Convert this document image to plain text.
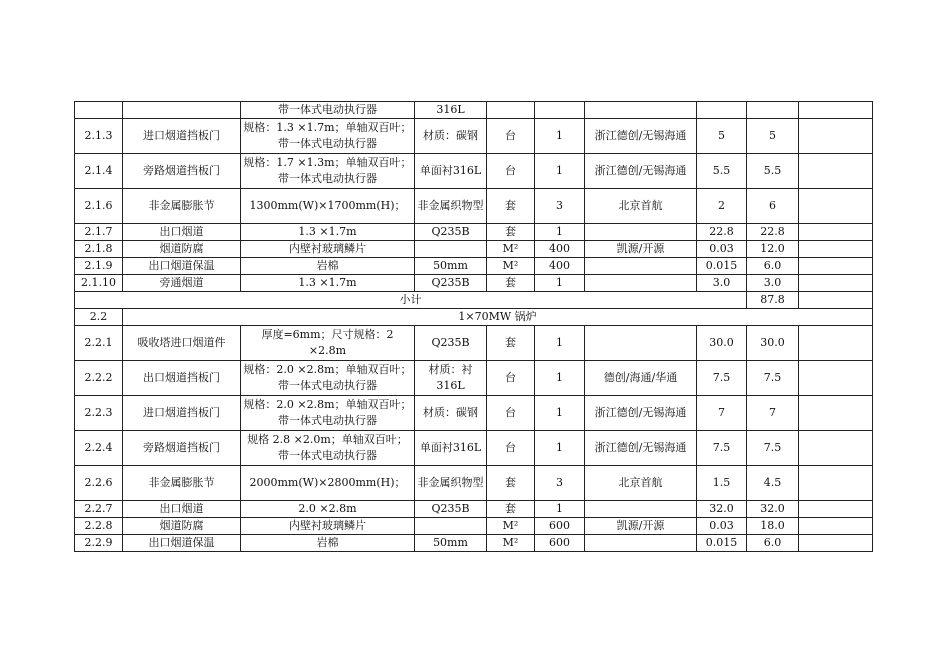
		带一体式电动执行器	316L						
2.1.3	进口烟道挡板门	规格：1.3 ×1.7m；单轴双百叶；带一体式电动执行器	材质：碳钢	台	1	浙江德创/无锡海通	5	5	
2.1.4	旁路烟道挡板门	规格：1.7 ×1.3m；单轴双百叶；带一体式电动执行器	单面衬316L	台	1	浙江德创/无锡海通	5.5	5.5	
2.1.6	非金属膨胀节	1300mm(W)×1700mm(H)；	非金属织物型	套	3	北京首航	2	6	
2.1.7	出口烟道	1.3 ×1.7m	Q235B	套	1		22.8	22.8	
2.1.8	烟道防腐	内壁衬玻璃鳞片		M²	400	凯源/开源	0.03	12.0	
2.1.9	出口烟道保温	岩棉	50mm	M²	400		0.015	6.0	
2.1.10	旁通烟道	1.3 ×1.7m	Q235B	套	1		3.0	3.0	
小计								87.8	
2.2	1×70MW 锅炉								
2.2.1	吸收塔进口烟道件	厚度=6mm；尺寸规格：2 ×2.8m	Q235B	套	1		30.0	30.0	
2.2.2	出口烟道挡板门	规格：2.0 ×2.8m；单轴双百叶；带一体式电动执行器	材质：衬316L	台	1	德创/海通/华通	7.5	7.5	
2.2.3	进口烟道挡板门	规格：2.0 ×2.8m；单轴双百叶；带一体式电动执行器	材质：碳钢	台	1	浙江德创/无锡海通	7	7	
2.2.4	旁路烟道挡板门	规格 2.8 ×2.0m；单轴双百叶；带一体式电动执行器	单面衬316L	台	1	浙江德创/无锡海通	7.5	7.5	
2.2.6	非金属膨胀节	2000mm(W)×2800mm(H)；	非金属织物型	套	3	北京首航	1.5	4.5	
2.2.7	出口烟道	2.0 ×2.8m	Q235B	套	1		32.0	32.0	
2.2.8	烟道防腐	内壁衬玻璃鳞片		M²	600	凯源/开源	0.03	18.0	
2.2.9	出口烟道保温	岩棉	50mm	M²	600		0.015	6.0	
